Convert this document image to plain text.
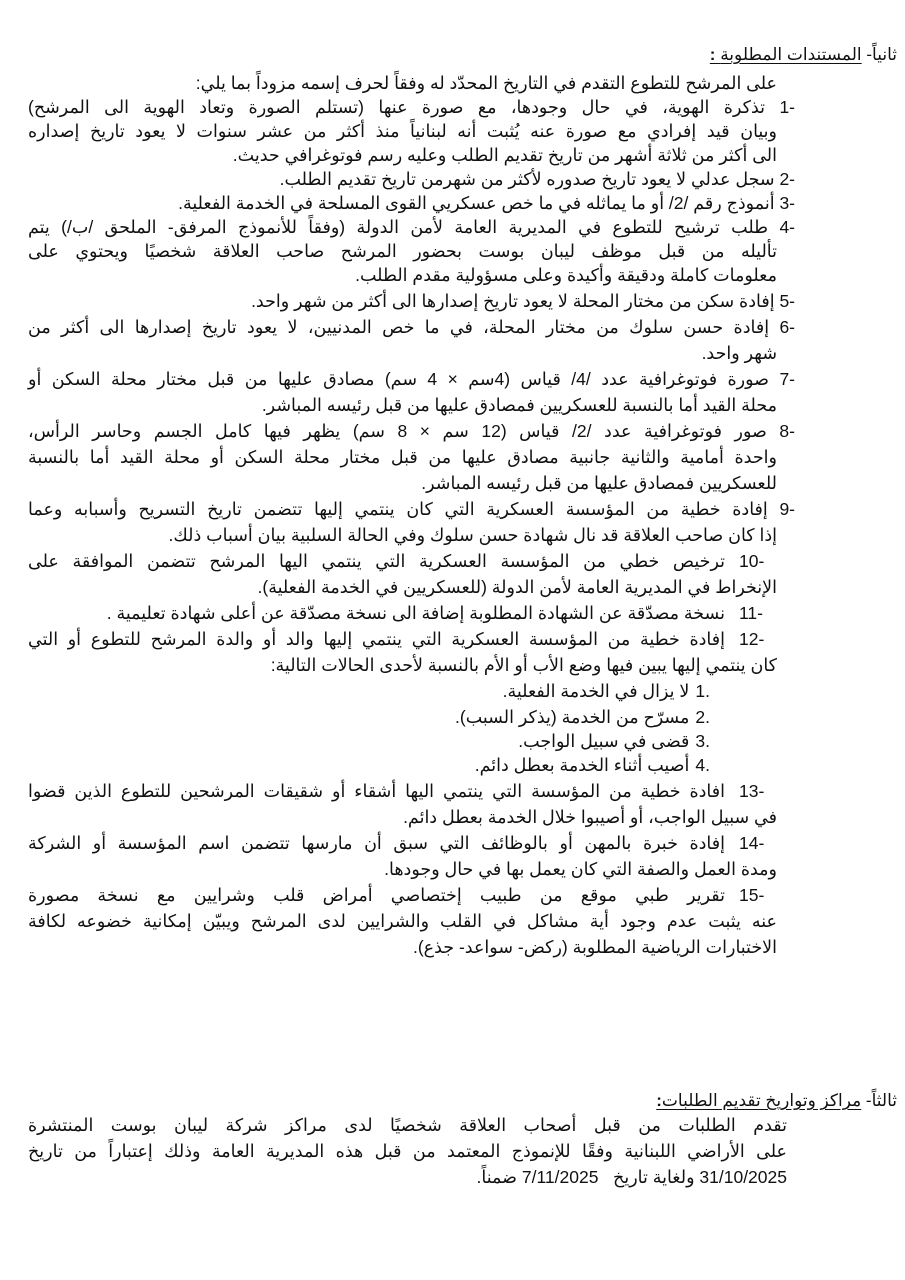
ثانياً- المستندات المطلوبة :
على المرشح للتطوع التقدم في التاريخ المحدّد له وفقاً لحرف إسمه مزوداً بما يلي:
1- تذكرة الهوية، في حال وجودها، مع صورة عنها (تستلم الصورة وتعاد الهوية الى المرشح)
وبيان قيد إفرادي مع صورة عنه يُثبت أنه لبنانياً منذ أكثر من عشر سنوات لا يعود تاريخ إصداره
الى أكثر من ثلاثة أشهر من تاريخ تقديم الطلب وعليه رسم فوتوغرافي حديث.
2- سجل عدلي لا يعود تاريخ صدوره لأكثر من شهرمن تاريخ تقديم الطلب.
3- أنموذج رقم /2/ أو ما يماثله في ما خص عسكريي القوى المسلحة في الخدمة الفعلية.
4- طلب ترشيح للتطوع في المديرية العامة لأمن الدولة (وفقاً للأنموذج المرفق- الملحق /ب/) يتم
تأليله من قبل موظف ليبان بوست بحضور المرشح صاحب العلاقة شخصيًا ويحتوي على
معلومات كاملة ودقيقة وأكيدة وعلى مسؤولية مقدم الطلب.
5- إفادة سكن من مختار المحلة لا يعود تاريخ إصدارها الى أكثر من شهر واحد.
6- إفادة حسن سلوك من مختار المحلة، في ما خص المدنيين، لا يعود تاريخ إصدارها الى أكثر من
شهر واحد.
7- صورة فوتوغرافية عدد /4/ قياس (4سم × 4 سم) مصادق عليها من قبل مختار محلة السكن أو
محلة القيد أما بالنسبة للعسكريين فمصادق عليها من قبل رئيسه المباشر.
8- صور فوتوغرافية عدد /2/ قياس (12 سم × 8 سم) يظهر فيها كامل الجسم وحاسر الرأس،
واحدة أمامية والثانية جانبية مصادق عليها من قبل مختار محلة السكن أو محلة القيد أما بالنسبة
للعسكريين فمصادق عليها من قبل رئيسه المباشر.
9- إفادة خطية من المؤسسة العسكرية التي كان ينتمي إليها تتضمن تاريخ التسريح وأسبابه وعما
إذا كان صاحب العلاقة قد نال شهادة حسن سلوك وفي الحالة السلبية بيان أسباب ذلك.
10-
ترخيص خطي من المؤسسة العسكرية التي ينتمي اليها المرشح تتضمن الموافقة على
الإنخراط في المديرية العامة لأمن الدولة (للعسكريين في الخدمة الفعلية).
11-
نسخة مصدّقة عن الشهادة المطلوبة إضافة الى نسخة مصدّقة عن أعلى شهادة تعليمية .
12-
إفادة خطية من المؤسسة العسكرية التي ينتمي إليها والد أو والدة المرشح للتطوع أو التي
كان ينتمي إليها يبين فيها وضع الأب أو الأم بالنسبة لأحدى الحالات التالية:
1.لا يزال في الخدمة الفعلية.
2.مسرّح من الخدمة (يذكر السبب).
3.قضى في سبيل الواجب.
4.أصيب أثناء الخدمة بعطل دائم.
13-
افادة خطية من المؤسسة التي ينتمي اليها أشقاء أو شقيقات المرشحين للتطوع الذين قضوا
في سبيل الواجب، أو أصيبوا خلال الخدمة بعطل دائم.
14-
إفادة خبرة بالمهن أو بالوظائف التي سبق أن مارسها تتضمن اسم المؤسسة أو الشركة
ومدة العمل والصفة التي كان يعمل بها في حال وجودها.
15-
تقرير طبي موقع من طبيب إختصاصي أمراض قلب وشرايين مع نسخة مصورة
عنه يثبت عدم وجود أية مشاكل في القلب والشرايين لدى المرشح ويبيّن إمكانية خضوعه لكافة
الاختبارات الرياضية المطلوبة (ركض- سواعد- جذع).
ثالثاً- مراكز وتواريخ تقديم الطلبات:
تقدم الطلبات من قبل أصحاب العلاقة شخصيًا لدى مراكز شركة ليبان بوست المنتشرة
على الأراضي اللبنانية وفقًا للإنموذج المعتمد من قبل هذه المديرية العامة وذلك إعتباراً من تاريخ
31/10/2025 ولغاية تاريخ   7/11/2025 ضمناً.
